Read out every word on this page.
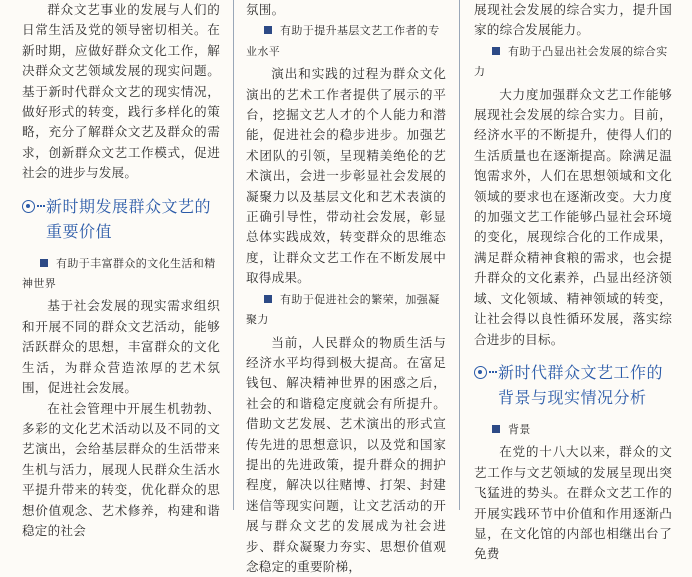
群众文艺事业的发展与人们的日常生活及党的领导密切相关。在新时期，应做好群众文化工作，解决群众文艺领域发展的现实问题。基于新时代群众文艺的现实情况，做好形式的转变，践行多样化的策略，充分了解群众文艺及群众的需求，创新群众文艺工作模式，促进社会的进步与发展。

新时期发展群众文艺的
重要价值
有助于丰富群众的文化生活和精神世界

基于社会发展的现实需求组织和开展不同的群众文艺活动，能够活跃群众的思想，丰富群众的文化生活，为群众营造浓厚的艺术氛围，促进社会发展。

在社会管理中开展生机勃勃、多彩的文化艺术活动以及不同的文艺演出，会给基层群众的生活带来生机与活力，展现人民群众生活水平提升带来的转变，优化群众的思想价值观念、艺术修养，构建和谐稳定的社会

氛围。

有助于提升基层文艺工作者的专业水平

演出和实践的过程为群众文化演出的艺术工作者提供了展示的平台，挖掘文艺人才的个人能力和潜能，促进社会的稳步进步。加强艺术团队的引领，呈现精美绝伦的艺术演出，会进一步彰显社会发展的凝聚力以及基层文化和艺术表演的正确引导性，带动社会发展，彰显总体实践成效，转变群众的思维态度，让群众文艺工作在不断发展中取得成果。

有助于促进社会的繁荣，加强凝聚力

当前，人民群众的物质生活与经济水平均得到极大提高。在富足钱包、解决精神世界的困惑之后，社会的和谐稳定度就会有所提升。借助文艺发展、艺术演出的形式宣传先进的思想意识，以及党和国家提出的先进政策，提升群众的拥护程度，解决以往赌博、打架、封建迷信等现实问题，让文艺活动的开展与群众文艺的发展成为社会进步、群众凝聚力夯实、思想价值观念稳定的重要阶梯，

展现社会发展的综合实力，提升国家的综合发展能力。

有助于凸显出社会发展的综合实力

大力度加强群众文艺工作能够展现社会发展的综合实力。目前，经济水平的不断提升，使得人们的生活质量也在逐渐提高。除满足温饱需求外，人们在思想领域和文化领域的要求也在逐渐改变。大力度的加强文艺工作能够凸显社会环境的变化，展现综合化的工作成果，满足群众精神食粮的需求，也会提升群众的文化素养，凸显出经济领域、文化领域、精神领域的转变，让社会得以良性循环发展，落实综合进步的目标。

新时代群众文艺工作的
背景与现实情况分析
背景

在党的十八大以来，群众的文艺工作与文艺领域的发展呈现出突飞猛进的势头。在群众文艺工作的开展实践环节中价值和作用逐渐凸显，在文化馆的内部也相继出台了免费
